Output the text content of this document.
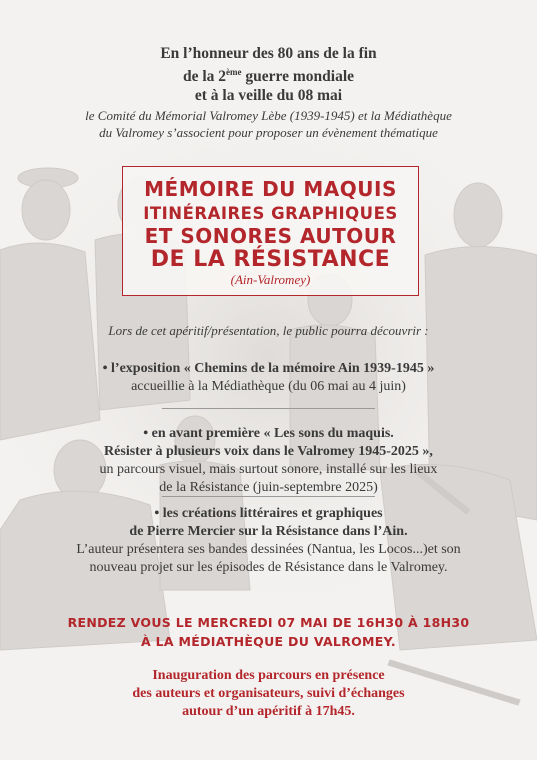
En l’honneur des 80 ans de la fin
de la 2ème guerre mondiale
et à la veille du 08 mai
le Comité du Mémorial Valromey Lèbe (1939-1945) et la Médiathèque
du Valromey s’associent pour proposer un évènement thématique
MÉMOIRE DU MAQUIS
ITINÉRAIRES GRAPHIQUES
ET SONORES AUTOUR
DE LA RÉSISTANCE
(Ain-Valromey)
Lors de cet apéritif/présentation, le public pourra découvrir :
• l’exposition « Chemins de la mémoire Ain 1939-1945 »
accueillie à la Médiathèque (du 06 mai au 4 juin)
• en avant première « Les sons du maquis.
Résister à plusieurs voix dans le Valromey 1945-2025 »,
un parcours visuel, mais surtout sonore, installé sur les lieux
de la Résistance (juin-septembre 2025)
• les créations littéraires et graphiques
de Pierre Mercier sur la Résistance dans l’Ain.
L’auteur présentera ses bandes dessinées (Nantua, les Locos...)et son
nouveau projet sur les épisodes de Résistance dans le Valromey.
RENDEZ VOUS LE MERCREDI 07 MAI DE 16H30 À 18H30
À LA MÉDIATHÈQUE DU VALROMEY.
Inauguration des parcours en présence
des auteurs et organisateurs, suivi d’échanges
autour d’un apéritif à 17h45.
